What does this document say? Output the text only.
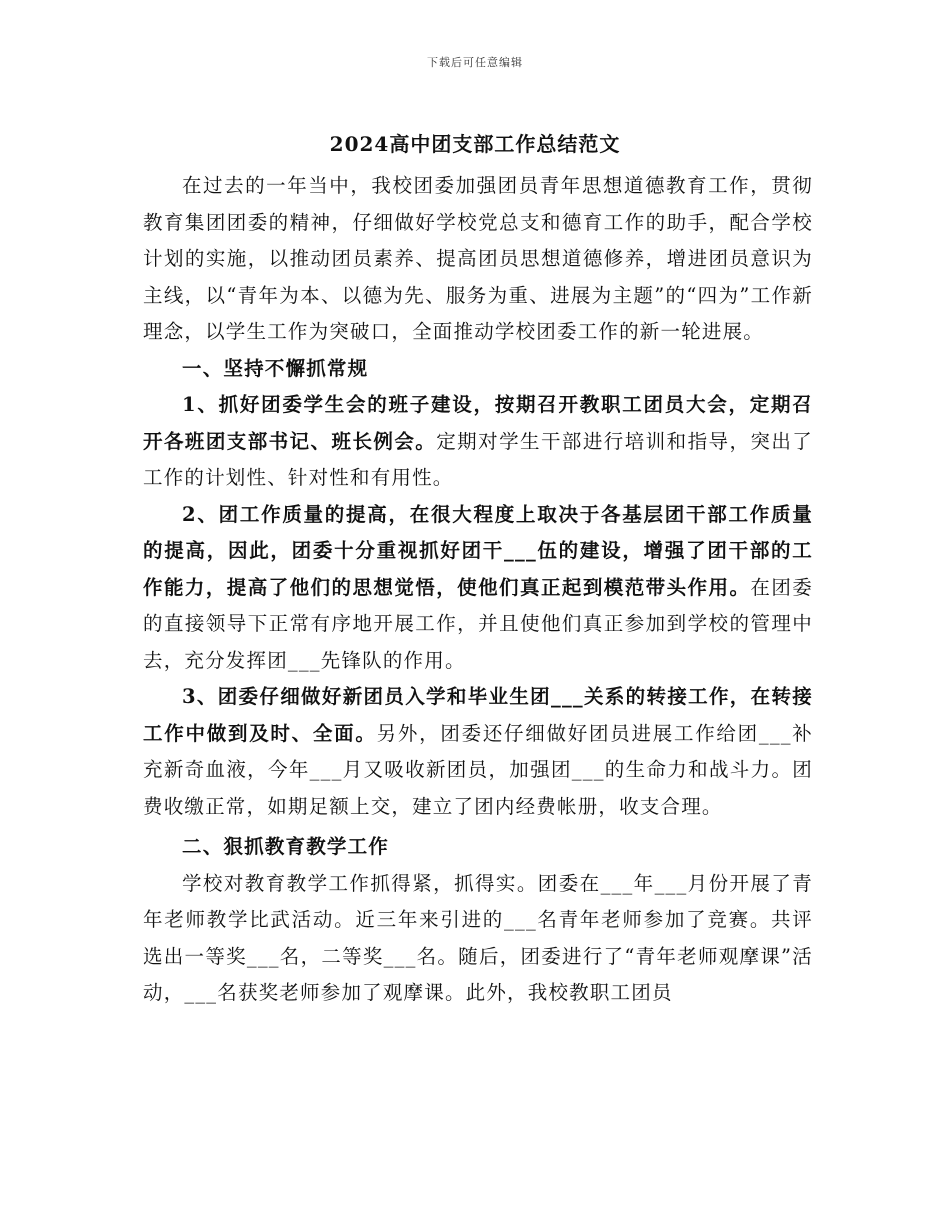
下载后可任意编辑
2024高中团支部工作总结范文

在过去的一年当中，我校团委加强团员青年思想道德教育工作，贯彻教育集团团委的精神，仔细做好学校党总支和德育工作的助手，配合学校计划的实施，以推动团员素养、提高团员思想道德修养，增进团员意识为主线，以“青年为本、以德为先、服务为重、进展为主题”的“四为”工作新理念，以学生工作为突破口，全面推动学校团委工作的新一轮进展。

一、坚持不懈抓常规

1、抓好团委学生会的班子建设，按期召开教职工团员大会，定期召开各班团支部书记、班长例会。定期对学生干部进行培训和指导，突出了工作的计划性、针对性和有用性。

2、团工作质量的提高，在很大程度上取决于各基层团干部工作质量的提高，因此，团委十分重视抓好团干___伍的建设，增强了团干部的工作能力，提高了他们的思想觉悟，使他们真正起到模范带头作用。在团委的直接领导下正常有序地开展工作，并且使他们真正参加到学校的管理中去，充分发挥团___先锋队的作用。

3、团委仔细做好新团员入学和毕业生团___关系的转接工作，在转接工作中做到及时、全面。另外，团委还仔细做好团员进展工作给团___补充新奇血液，今年___月又吸收新团员，加强团___的生命力和战斗力。团费收缴正常，如期足额上交，建立了团内经费帐册，收支合理。

二、狠抓教育教学工作

学校对教育教学工作抓得紧，抓得实。团委在___年___月份开展了青年老师教学比武活动。近三年来引进的___名青年老师参加了竞赛。共评选出一等奖___名，二等奖___名。随后，团委进行了“青年老师观摩课”活动，___名获奖老师参加了观摩课。此外，我校教职工团员
